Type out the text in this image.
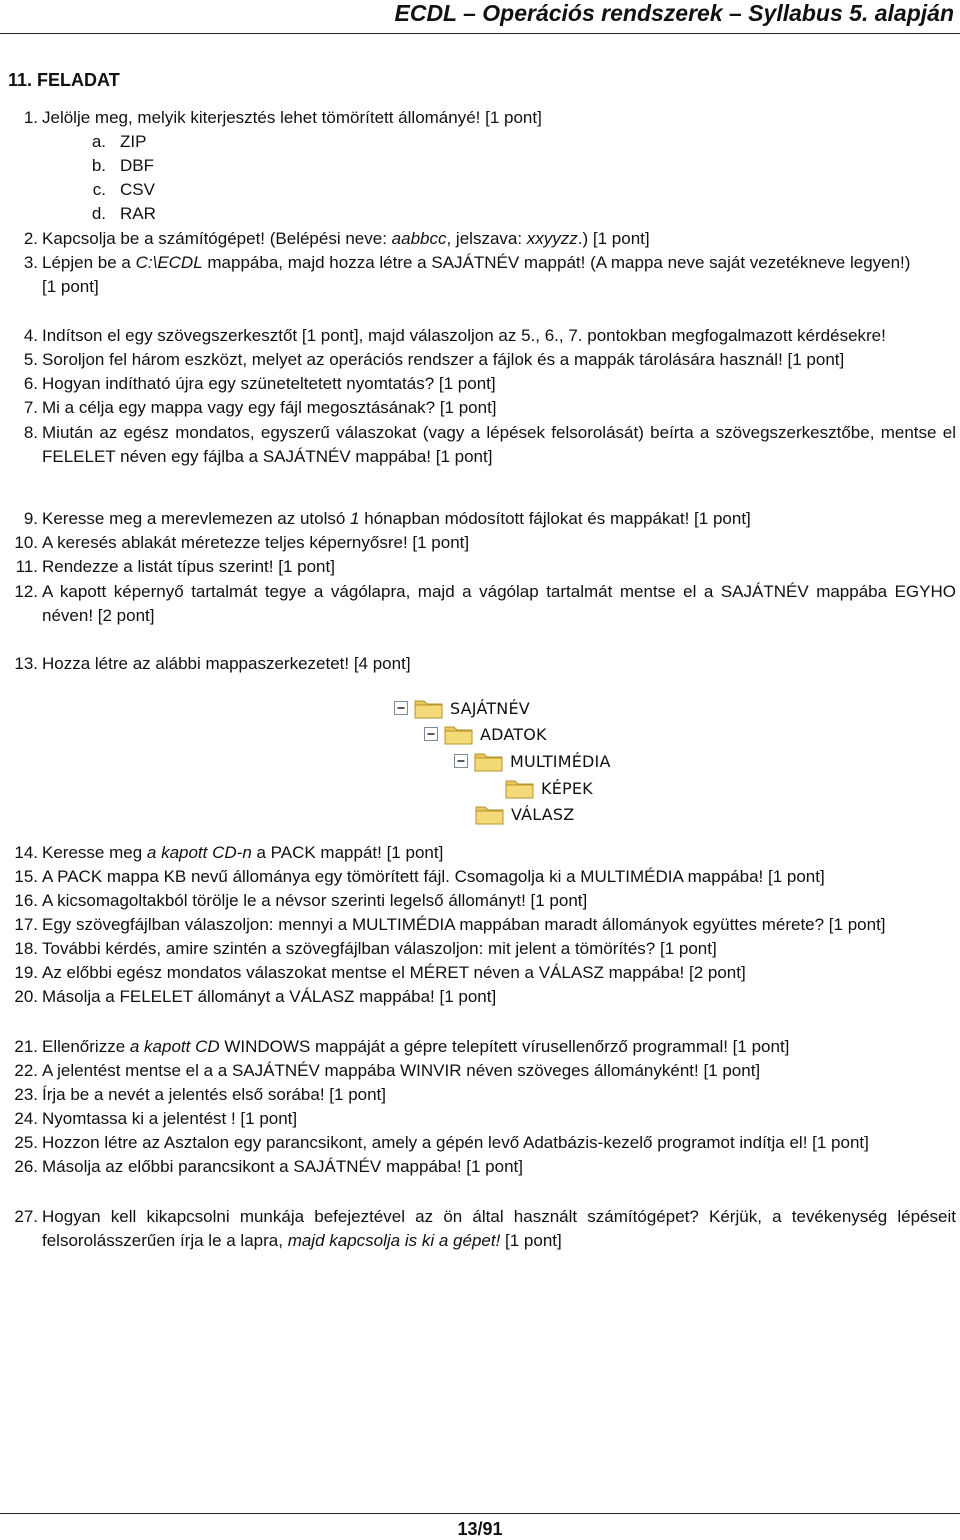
ECDL – Operációs rendszerek – Syllabus 5. alapján
11. FELADAT
1. Jelölje meg, melyik kiterjesztés lehet tömörített állományé! [1 pont]
a. ZIP
b. DBF
c. CSV
d. RAR
2. Kapcsolja be a számítógépet! (Belépési neve: aabbcc, jelszava: xxyyzz.) [1 pont]
3. Lépjen be a C:\ECDL mappába, majd hozza létre a SAJÁTNÉV mappát! (A mappa neve saját vezetékneve legyen!)
[1 pont]
4. Indítson el egy szövegszerkesztőt [1 pont], majd válaszoljon az 5., 6., 7. pontokban megfogalmazott kérdésekre!
5. Soroljon fel három eszközt, melyet az operációs rendszer a fájlok és a mappák tárolására használ! [1 pont]
6. Hogyan indítható újra egy szüneteltetett nyomtatás? [1 pont]
7. Mi a célja egy mappa vagy egy fájl megosztásának? [1 pont]
8. Miután az egész mondatos, egyszerű válaszokat (vagy a lépések felsorolását) beírta a szövegszerkesztőbe, mentse el
FELELET néven egy fájlba a SAJÁTNÉV mappába! [1 pont]
9. Keresse meg a merevlemezen az utolsó 1 hónapban módosított fájlokat és mappákat! [1 pont]
10. A keresés ablakát méretezze teljes képernyősre! [1 pont]
11. Rendezze a listát típus szerint! [1 pont]
12. A kapott képernyő tartalmát tegye a vágólapra, majd a vágólap tartalmát mentse el a SAJÁTNÉV mappába EGYHO
néven! [2 pont]
13. Hozza létre az alábbi mappaszerkezetet! [4 pont]
SAJÁTNÉV
ADATOK
MULTIMÉDIA
KÉPEK
VÁLASZ
14. Keresse meg a kapott CD-n a PACK mappát! [1 pont]
15. A PACK mappa KB nevű állománya egy tömörített fájl. Csomagolja ki a MULTIMÉDIA mappába! [1 pont]
16. A kicsomagoltakból törölje le a névsor szerinti legelső állományt! [1 pont]
17. Egy szövegfájlban válaszoljon: mennyi a MULTIMÉDIA mappában maradt állományok együttes mérete? [1 pont]
18. További kérdés, amire szintén a szövegfájlban válaszoljon: mit jelent a tömörítés? [1 pont]
19. Az előbbi egész mondatos válaszokat mentse el MÉRET néven a VÁLASZ mappába! [2 pont]
20. Másolja a FELELET állományt a VÁLASZ mappába! [1 pont]
21. Ellenőrizze a kapott CD WINDOWS mappáját a gépre telepített vírusellenőrző programmal! [1 pont]
22. A jelentést mentse el a a SAJÁTNÉV mappába WINVIR néven szöveges állományként! [1 pont]
23. Írja be a nevét a jelentés első sorába! [1 pont]
24. Nyomtassa ki a jelentést ! [1 pont]
25. Hozzon létre az Asztalon egy parancsikont, amely a gépén levő Adatbázis-kezelő programot indítja el! [1 pont]
26. Másolja az előbbi parancsikont a SAJÁTNÉV mappába! [1 pont]
27. Hogyan kell kikapcsolni munkája befejeztével az ön által használt számítógépet? Kérjük, a tevékenység lépéseit
felsorolásszerűen írja le a lapra, majd kapcsolja is ki a gépet! [1 pont]
13/91
